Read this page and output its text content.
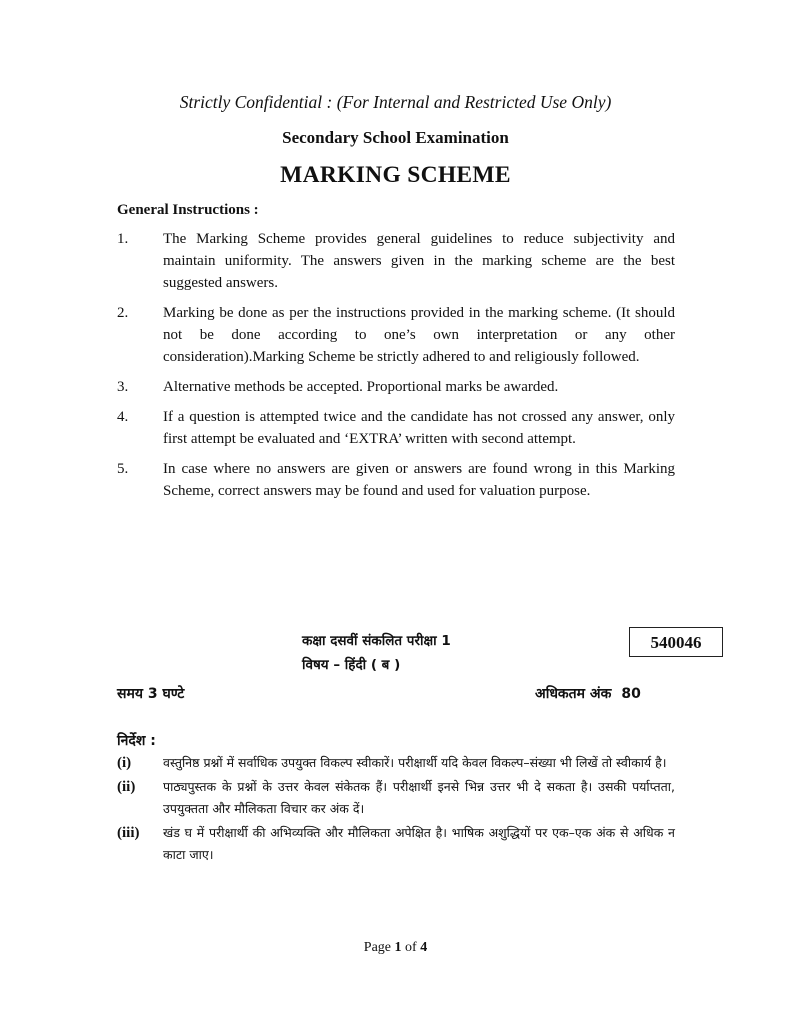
Strictly Confidential : (For Internal and Restricted Use Only)
Secondary School Examination
MARKING SCHEME
General Instructions :
1.	The Marking Scheme provides general guidelines to reduce subjectivity and maintain uniformity. The answers given in the marking scheme are the best suggested answers.
2.	Marking be done as per the instructions provided in the marking scheme. (It should not be done according to one’s own interpretation or any other consideration).Marking Scheme be strictly adhered to and religiously followed.
3.	Alternative methods be accepted. Proportional marks be awarded.
4.	If a question is attempted twice and the candidate has not crossed any answer, only first attempt be evaluated and ‘EXTRA’ written with second attempt.
5.	In case where no answers are given or answers are found wrong in this Marking Scheme, correct answers may be found and used for valuation purpose.
कक्षा दसवीं संकलित परीक्षा 1
विषय – हिंदी ( ब )
540046
समय 3 घण्टे	अधिकतम अंक 80
निर्देश :
(i)	वस्तुनिष्ठ प्रश्नों में सर्वाधिक उपयुक्त विकल्प स्वीकारें। परीक्षार्थी यदि केवल विकल्प–संख्या भी लिखें तो स्वीकार्य है।
(ii)	पाठ्यपुस्तक के प्रश्नों के उत्तर केवल संकेतक हैं। परीक्षार्थी इनसे भिन्न उत्तर भी दे सकता है। उसकी पर्याप्तता, उपयुक्तता और मौलिकता विचार कर अंक दें।
(iii)	खंड घ में परीक्षार्थी की अभिव्यक्ति और मौलिकता अपेक्षित है। भाषिक अशुद्धियों पर एक–एक अंक से अधिक न काटा जाए।
Page 1 of 4
